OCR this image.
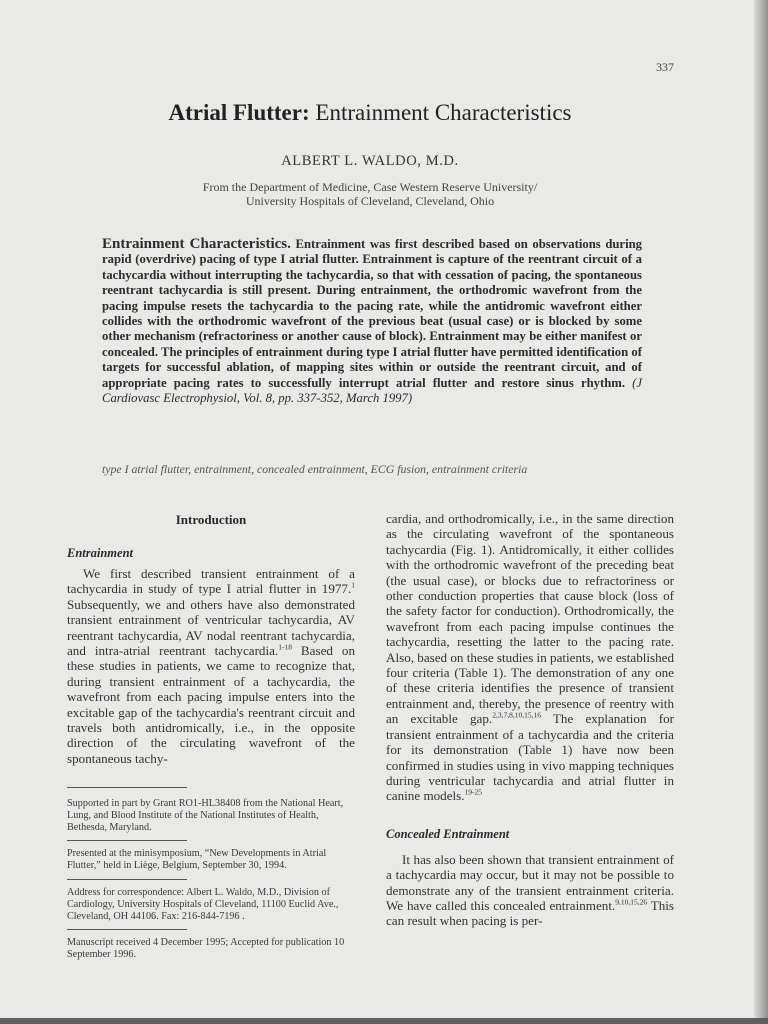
337
Atrial Flutter: Entrainment Characteristics
ALBERT L. WALDO, M.D.
From the Department of Medicine, Case Western Reserve University/
University Hospitals of Cleveland, Cleveland, Ohio
Entrainment Characteristics. Entrainment was first described based on observations during rapid (overdrive) pacing of type I atrial flutter. Entrainment is capture of the reentrant circuit of a tachycardia without interrupting the tachycardia, so that with cessation of pacing, the spontaneous reentrant tachycardia is still present. During entrainment, the orthodromic wavefront from the pacing impulse resets the tachycardia to the pacing rate, while the antidromic wavefront either collides with the orthodromic wavefront of the previous beat (usual case) or is blocked by some other mechanism (refractoriness or another cause of block). Entrainment may be either manifest or concealed. The principles of entrainment during type I atrial flutter have permitted identification of targets for successful ablation, of mapping sites within or outside the reentrant circuit, and of appropriate pacing rates to successfully interrupt atrial flutter and restore sinus rhythm. (J Cardiovasc Electrophysiol, Vol. 8, pp. 337-352, March 1997)
type I atrial flutter, entrainment, concealed entrainment, ECG fusion, entrainment criteria
Introduction
Entrainment

We first described transient entrainment of a tachycardia in study of type I atrial flutter in 1977.$^1$ Subsequently, we and others have also demonstrated transient entrainment of ventricular tachycardia, AV reentrant tachycardia, AV nodal reentrant tachycardia, and intra-atrial reentrant tachycardia.$^{1-18}$ Based on these studies in patients, we came to recognize that, during transient entrainment of a tachycardia, the wavefront from each pacing impulse enters into the excitable gap of the tachycardia's reentrant circuit and travels both antidromically, i.e., in the opposite direction of the circulating wavefront of the spontaneous tachy-

Supported in part by Grant RO1-HL38408 from the National Heart, Lung, and Blood Institute of the National Institutes of Health, Bethesda, Maryland.

Presented at the minisymposium, “New Developments in Atrial Flutter,” held in Liège, Belgium, September 30, 1994.

Address for correspondence: Albert L. Waldo, M.D., Division of Cardiology, University Hospitals of Cleveland, 11100 Euclid Ave., Cleveland, OH 44106. Fax: 216-844-7196 .

Manuscript received 4 December 1995; Accepted for publication 10 September 1996.

cardia, and orthodromically, i.e., in the same direction as the circulating wavefront of the spontaneous tachycardia (Fig. 1). Antidromically, it either collides with the orthodromic wavefront of the preceding beat (the usual case), or blocks due to refractoriness or other conduction properties that cause block (loss of the safety factor for conduction). Orthodromically, the wavefront from each pacing impulse continues the tachycardia, resetting the latter to the pacing rate. Also, based on these studies in patients, we established four criteria (Table 1). The demonstration of any one of these criteria identifies the presence of transient entrainment and, thereby, the presence of reentry with an excitable gap.$^{2,3,7,8,10,15,16}$ The explanation for transient entrainment of a tachycardia and the criteria for its demonstration (Table 1) have now been confirmed in studies using in vivo mapping techniques during ventricular tachycardia and atrial flutter in canine models.$^{19-25}$

Concealed Entrainment

It has also been shown that transient entrainment of a tachycardia may occur, but it may not be possible to demonstrate any of the transient entrainment criteria. We have called this concealed entrainment.$^{9,10,15,26}$ This can result when pacing is per-
